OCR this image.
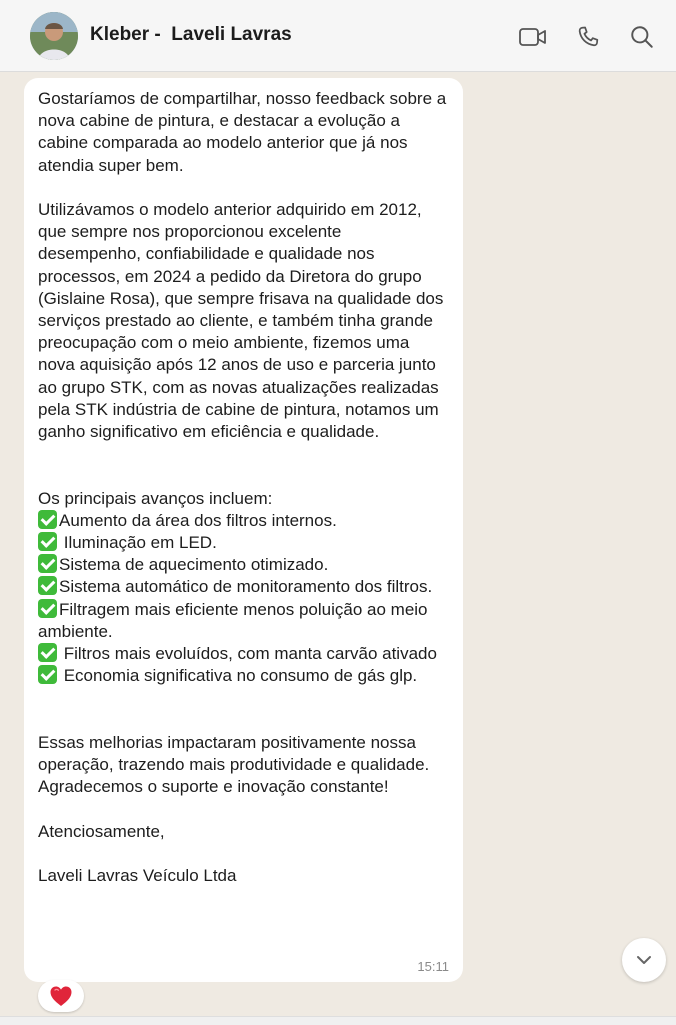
Kleber -  Laveli Lavras

Gostaríamos de compartilhar, nosso feedback sobre a nova cabine de pintura, e destacar a evolução a cabine comparada ao modelo anterior que já nos atendia super bem.

Utilizávamos o modelo anterior adquirido em 2012, que sempre nos proporcionou excelente desempenho, confiabilidade e qualidade nos processos, em 2024 a pedido da Diretora do grupo (Gislaine Rosa), que sempre frisava na qualidade dos serviços prestado ao cliente, e também tinha grande preocupação com o meio ambiente, fizemos uma nova aquisição após 12 anos de uso e parceria junto ao grupo STK, com as novas atualizações realizadas pela STK indústria de cabine de pintura, notamos um ganho significativo em eficiência e qualidade.

Os principais avanços incluem:
Aumento da área dos filtros internos.
Iluminação em LED.
Sistema de aquecimento otimizado.
Sistema automático de monitoramento dos filtros.
Filtragem mais eficiente menos poluição ao meio ambiente.
Filtros mais evoluídos, com manta carvão ativado
Economia significativa no consumo de gás glp.

Essas melhorias impactaram positivamente nossa operação, trazendo mais produtividade e qualidade. Agradecemos o suporte e inovação constante!

Atenciosamente,

Laveli Lavras Veículo Ltda

15:11
